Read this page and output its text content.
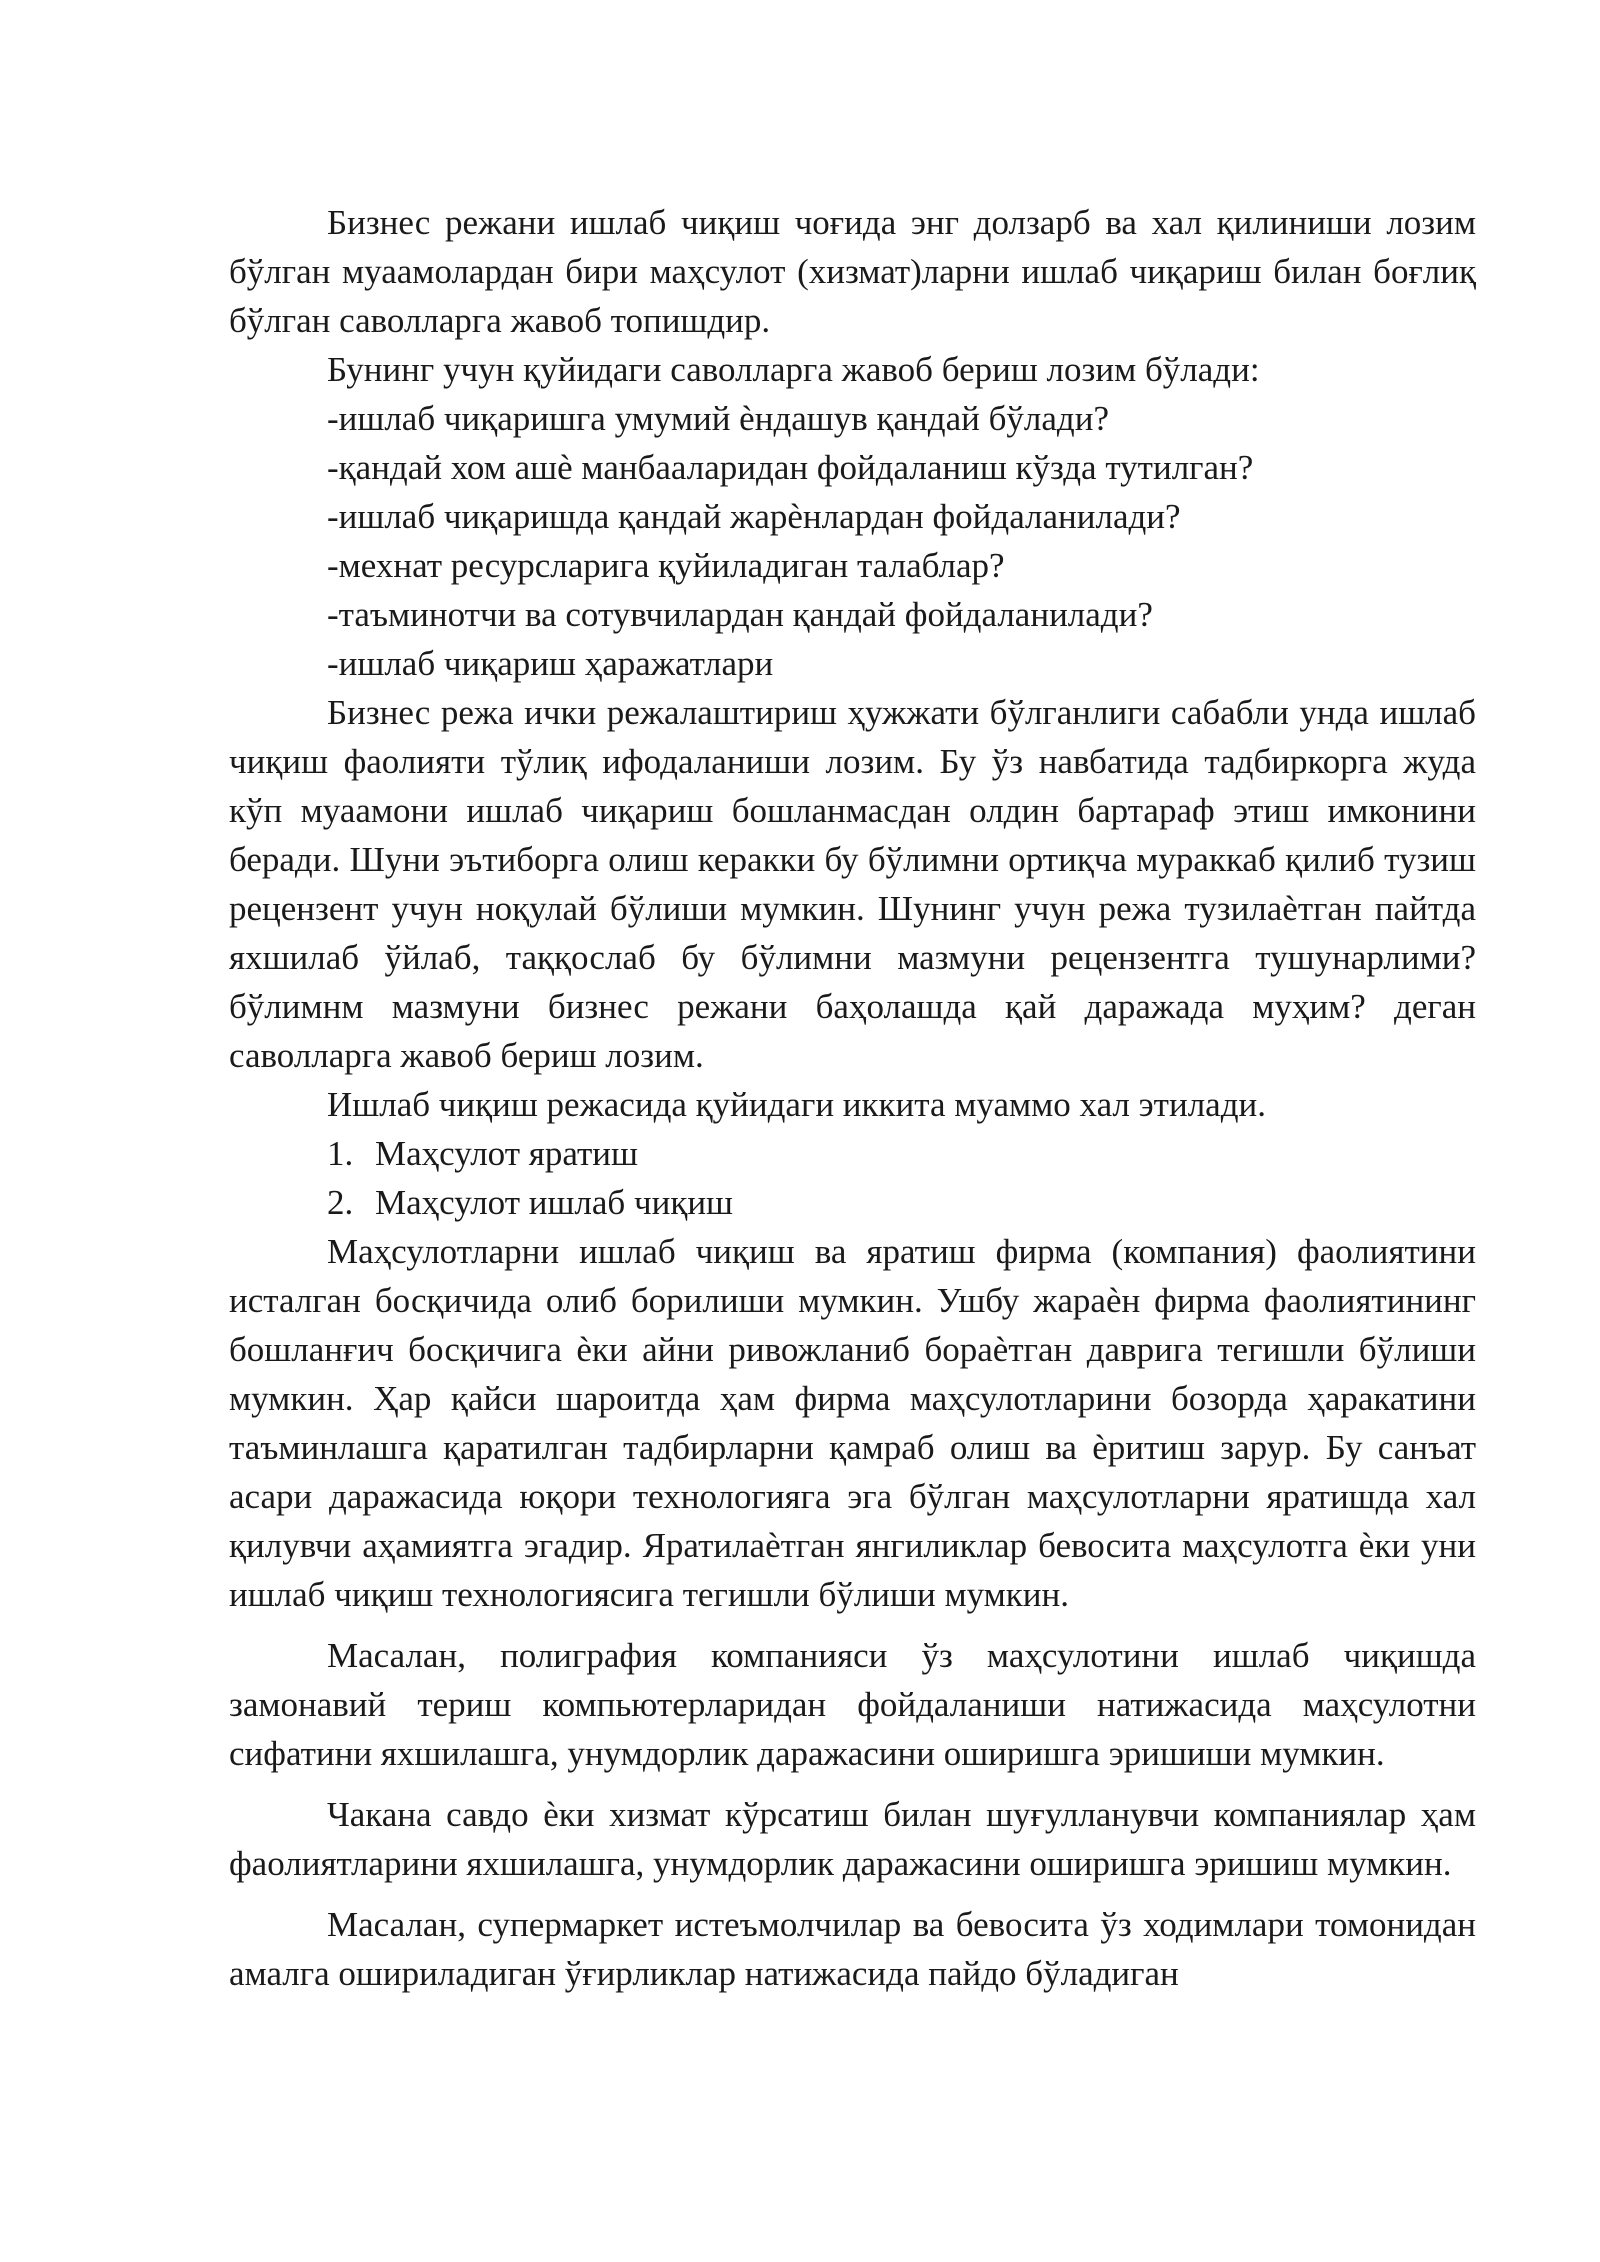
Бизнес режани ишлаб чиқиш чоғида энг долзарб ва хал қилиниши лозим бўлган муаамолардан бири маҳсулот (хизмат)ларни ишлаб чиқариш билан боғлиқ бўлган саволларга жавоб топишдир.

Бунинг учун қуйидаги саволларга жавоб бериш лозим бўлади:

-ишлаб чиқаришга умумий ѐндашув қандай бўлади?

-қандай хом ашѐ манбааларидан фойдаланиш кўзда тутилган?

-ишлаб чиқаришда қандай жарѐнлардан фойдаланилади?

-мехнат ресурсларига қуйиладиган талаблар?

-таъминотчи ва сотувчилардан қандай фойдаланилади?

-ишлаб чиқариш ҳаражатлари

Бизнес режа ички режалаштириш ҳужжати бўлганлиги сабабли унда ишлаб чиқиш фаолияти тўлиқ ифодаланиши лозим. Бу ўз навбатида тадбиркорга жуда кўп муаамони ишлаб чиқариш бошланмасдан олдин бартараф этиш имконини беради. Шуни эътиборга олиш керакки бу бўлимни ортиқча мураккаб қилиб тузиш рецензент учун ноқулай бўлиши мумкин. Шунинг учун режа тузилаѐтган пайтда яхшилаб ўйлаб, таққослаб бу бўлимни мазмуни рецензентга тушунарлими? бўлимнм мазмуни бизнес режани баҳолашда қай даражада муҳим? деган саволларга жавоб бериш лозим.

Ишлаб чиқиш режасида қуйидаги иккита муаммо хал этилади.

1. Маҳсулот яратиш
2. Маҳсулот ишлаб чиқиш

Маҳсулотларни ишлаб чиқиш ва яратиш фирма (компания) фаолиятини исталган босқичида олиб борилиши мумкин. Ушбу жараѐн фирма фаолиятининг бошланғич босқичига ѐки айни ривожланиб бораѐтган даврига тегишли бўлиши мумкин. Ҳар қайси шароитда ҳам фирма маҳсулотларини бозорда ҳаракатини таъминлашга қаратилган тадбирларни қамраб олиш ва ѐритиш зарур. Бу санъат асари даражасида юқори технологияга эга бўлган маҳсулотларни яратишда хал қилувчи аҳамиятга эгадир. Яратилаѐтган янгиликлар бевосита маҳсулотга ѐки уни ишлаб чиқиш технологиясига тегишли бўлиши мумкин.

Масалан, полиграфия компанияси ўз маҳсулотини ишлаб чиқишда замонавий териш компьютерларидан фойдаланиши натижасида маҳсулотни сифатини яхшилашга, унумдорлик даражасини оширишга эришиши мумкин.

Чакана савдо ѐки хизмат кўрсатиш билан шуғулланувчи компаниялар ҳам фаолиятларини яхшилашга, унумдорлик даражасини оширишга эришиш мумкин.

Масалан, супермаркет истеъмолчилар ва бевосита ўз ходимлари томонидан амалга ошириладиган ўғирликлар натижасида пайдо бўладиган
